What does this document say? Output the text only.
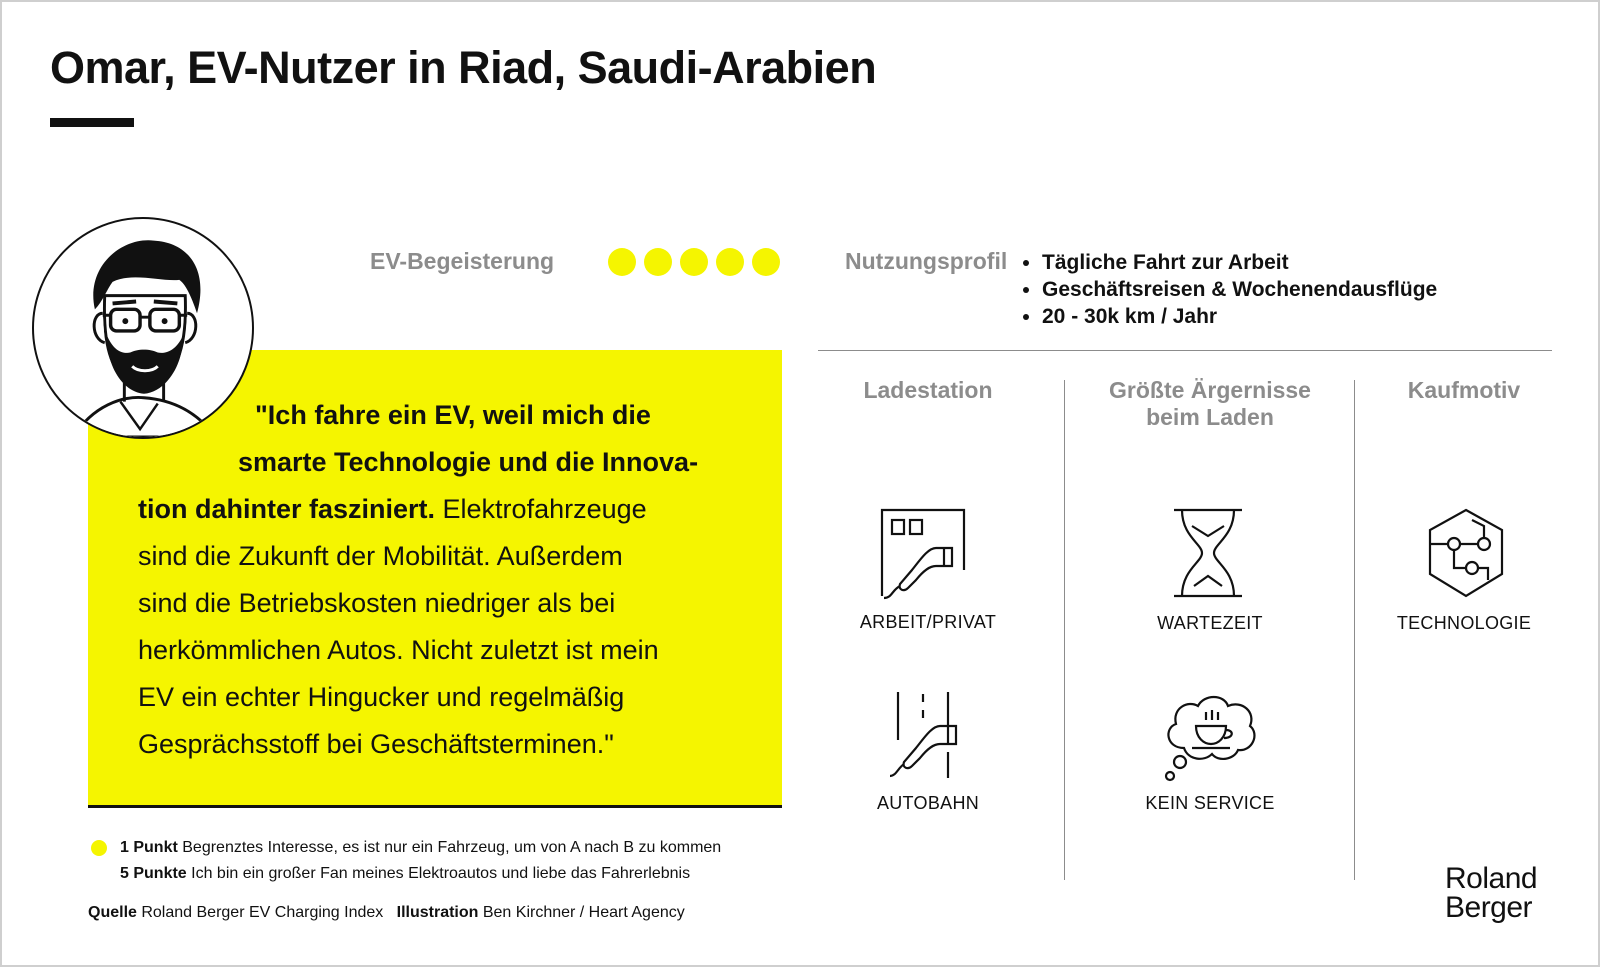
Omar, EV-Nutzer in Riad, Saudi-Arabien
"Ich fahre ein EV, weil mich die
smarte Technologie und die Innova-
tion dahinter fasziniert. Elektrofahrzeuge
sind die Zukunft der Mobilität. Außerdem
sind die Betriebskosten niedriger als bei
herkömmlichen Autos. Nicht zuletzt ist mein
EV ein echter Hingucker und regelmäßig
Gesprächsstoff bei Geschäftsterminen."
EV-Begeisterung	Nutzungsprofil
• Tägliche Fahrt zur Arbeit
• Geschäftsreisen & Wochenendausflüge
• 20 - 30k km / Jahr
Ladestation	Größte Ärgernisse
beim Laden
Kaufmotiv
ARBEIT/PRIVAT
AUTOBAHN
WARTEZEIT
KEIN SERVICE
TECHNOLOGIE
1 Punkt Begrenztes Interesse, es ist nur ein Fahrzeug, um von A nach B zu kommen
5 Punkte Ich bin ein großer Fan meines Elektroautos und liebe das Fahrerlebnis
Quelle Roland Berger EV Charging Index Illustration Ben Kirchner / Heart Agency
Roland
Berger
